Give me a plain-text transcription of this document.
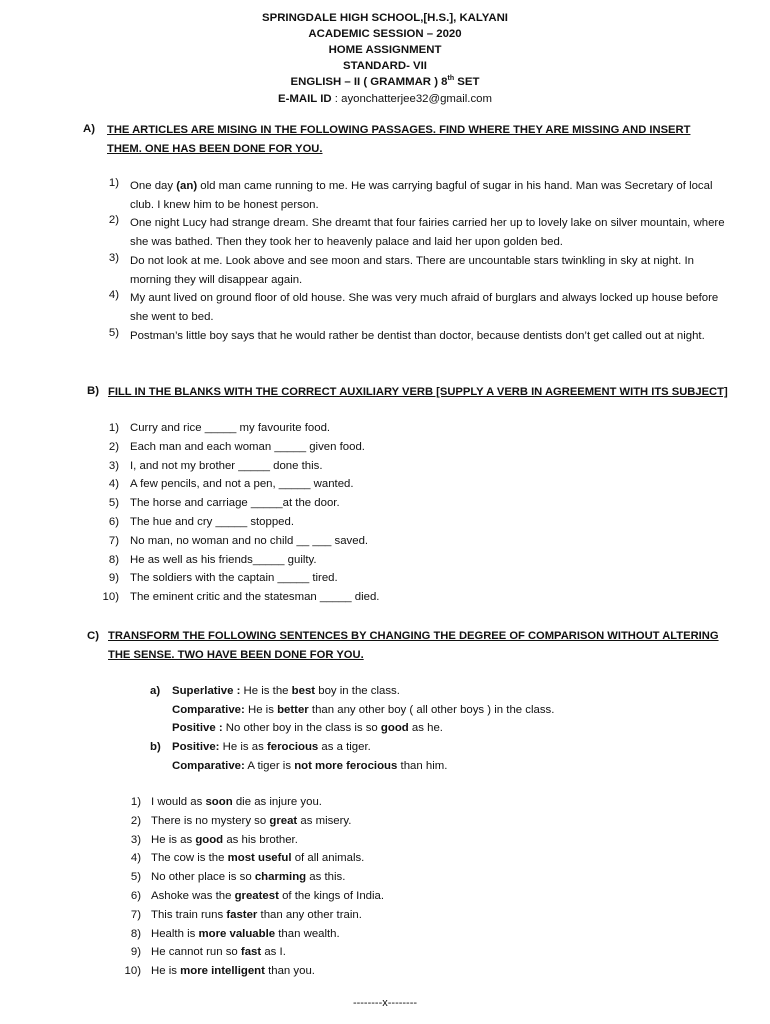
SPRINGDALE HIGH SCHOOL,[H.S.], KALYANI
ACADEMIC SESSION – 2020
HOME ASSIGNMENT
STANDARD- VII
ENGLISH – II ( GRAMMAR ) 8th SET
E-MAIL ID : ayonchatterjee32@gmail.com
A) THE ARTICLES ARE MISING IN THE FOLLOWING PASSAGES. FIND WHERE THEY ARE MISSING AND INSERT THEM. ONE HAS BEEN DONE FOR YOU.
1) One day (an) old man came running to me. He was carrying bagful of sugar in his hand. Man was Secretary of local club. I knew him to be honest person.
2) One night Lucy had strange dream. She dreamt that four fairies carried her up to lovely lake on silver mountain, where she was bathed. Then they took her to heavenly palace and laid her upon golden bed.
3) Do not look at me. Look above and see moon and stars. There are uncountable stars twinkling in sky at night. In morning they will disappear again.
4) My aunt lived on ground floor of old house. She was very much afraid of burglars and always locked up house before she went to bed.
5) Postman’s little boy says that he would rather be dentist than doctor, because dentists don’t get called out at night.
B) FILL IN THE BLANKS WITH THE CORRECT AUXILIARY VERB [SUPPLY A VERB IN AGREEMENT WITH ITS SUBJECT]
1) Curry and rice _____ my favourite food.
2) Each man and each woman _____ given food.
3) I, and not my brother _____ done this.
4) A few pencils, and not a pen, _____ wanted.
5) The horse and carriage _____at the door.
6) The hue and cry _____ stopped.
7) No man, no woman and no child __ ___ saved.
8) He as well as his friends_____ guilty.
9) The soldiers with the captain _____ tired.
10) The eminent critic and the statesman _____ died.
C) TRANSFORM THE FOLLOWING SENTENCES BY CHANGING THE DEGREE OF COMPARISON WITHOUT ALTERING THE SENSE. TWO HAVE BEEN DONE FOR YOU.
a) Superlative : He is the best boy in the class.
Comparative: He is better than any other boy ( all other boys ) in the class.
Positive : No other boy in the class is so good as he.
b) Positive: He is as ferocious as a tiger.
Comparative: A tiger is not more ferocious than him.
1) I would as soon die as injure you.
2) There is no mystery so great as misery.
3) He is as good as his brother.
4) The cow is the most useful of all animals.
5) No other place is so charming as this.
6) Ashoke was the greatest of the kings of India.
7) This train runs faster than any other train.
8) Health is more valuable than wealth.
9) He cannot run so fast as I.
10) He is more intelligent than you.
--------x--------
